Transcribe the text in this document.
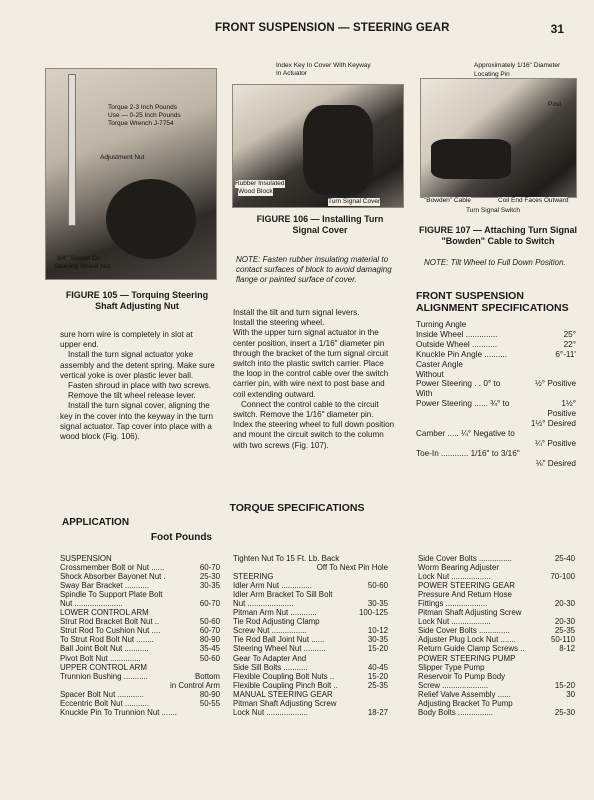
FRONT SUSPENSION — STEERING GEAR	31
Torque 2-3 Inch Pounds
Use — 0-25 Inch Pounds
Torque Wrench J-7754
Adjustment Nut
3/4" Socket On
Steering Wheel Nut
FIGURE 105 — Torquing Steering Shaft Adjusting Nut
Index Key In Cover With Keyway
In Actuator
Rubber Insulated
Wood Block
Turn Signal Cover
FIGURE 106 — Installing Turn Signal Cover
NOTE: Fasten rubber insulating material to contact surfaces of block to avoid damaging flange or painted surface of cover.
Approximately 1/16" Diameter
Locating Pin
Post
"Bowden" Cable	Coil End Faces Outward
Turn Signal Switch
FIGURE 107 — Attaching Turn Signal "Bowden" Cable to Switch
NOTE: Tilt Wheel to Full Down Position.

sure horn wire is completely in slot at upper end.

Install the turn signal actuator yoke assembly and the detent spring. Make sure vertical yoke is over plastic lever ball.

Fasten shroud in place with two screws.

Remove the tilt wheel release lever.

Install the turn signal cover, aligning the key in the cover into the keyway in the turn signal actuator. Tap cover into place with a wood block (Fig. 106).

Install the tilt and turn signal levers.

Install the steering wheel.

With the upper turn signal actuator in the center position, insert a 1/16" diameter pin through the bracket of the turn signal circuit switch into the plastic switch carrier. Place the loop in the control cable over the switch carrier pin, with wire next to post base and coil extending outward.

Connect the control cable to the circuit switch. Remove the 1/16" diameter pin. Index the steering wheel to full down position and mount the circuit switch to the column with two screws (Fig. 107).

FRONT SUSPENSION ALIGNMENT SPECIFICATIONS
Turning Angle
Inside Wheel ..............	25°
Outside Wheel ...........	22°
Knuckle Pin Angle ..........	6°-11'
Caster Angle
Without
Power Steering . . 0° to	½° Positive
With
Power Steering ...... ¾° to	1½°
Positive
1½° Desired
Camber ..... ¼° Negative to
¼° Positive
Toe-In ............ 1/16" to 3/16"
⅛" Desired
TORQUE SPECIFICATIONS
APPLICATION
Foot Pounds
SUSPENSION
Crossmember Bolt or Nut ......	60-70
Shock Absorber Bayonet Nut .	25-30
Sway Bar Bracket ...........	30-35
Spindle To Support Plate Bolt
Nut ......................	60-70
LOWER CONTROL ARM
Strut Rod Bracket Bolt Nut ..	50-60
Strut Rod To Cushion Nut ....	60-70
To Strut Rod Bolt Nut ........	80-90
Ball Joint Bolt Nut ...........	35-45
Pivot Bolt Nut ..............	50-60
UPPER CONTROL ARM
Trunnion Bushing ...........	Bottom
in Control Arm
Spacer Bolt Nut ............	80-90
Eccentric Bolt Nut ...........	50-55
Knuckle Pin To Trunnion Nut .......
Tighten Nut To 15 Ft. Lb. Back
Off To Next Pin Hole
STEERING
Idler Arm Nut ..............	50-60
Idler Arm Bracket To Sill Bolt
Nut .....................	30-35
Pitman Arm Nut ............	100-125
Tie Rod Adjusting Clamp
Screw Nut ................	10-12
Tie Rod Ball Joint Nut ......	30-35
Steering Wheel Nut ..........	15-20
Gear To Adapter And
Side Sill Bolts ...........	40-45
Flexible Coupling Bolt Nuts ..	15-20
Flexible Coupling Pinch Bolt ..	25-35
MANUAL STEERING GEAR
Pitman Shaft Adjusting Screw
Lock Nut ...................	18-27
Side Cover Bolts ...............	25-40
Worm Bearing Adjuster
Lock Nut ..................	70-100
POWER STEERING GEAR
Pressure And Return Hose
Fittings ...................	20-30
Pitman Shaft Adjusting Screw
Lock Nut ..................	20-30
Side Cover Bolts ..............	25-35
Adjuster Plug Lock Nut .......	50-110
Return Guide Clamp Screws ..	8-12
POWER STEERING PUMP
Slipper Type Pump
Reservoir To Pump Body
Screw .....................	15-20
Relief Valve Assembly ......	30
Adjusting Bracket To Pump
Body Bolts ................	25-30
